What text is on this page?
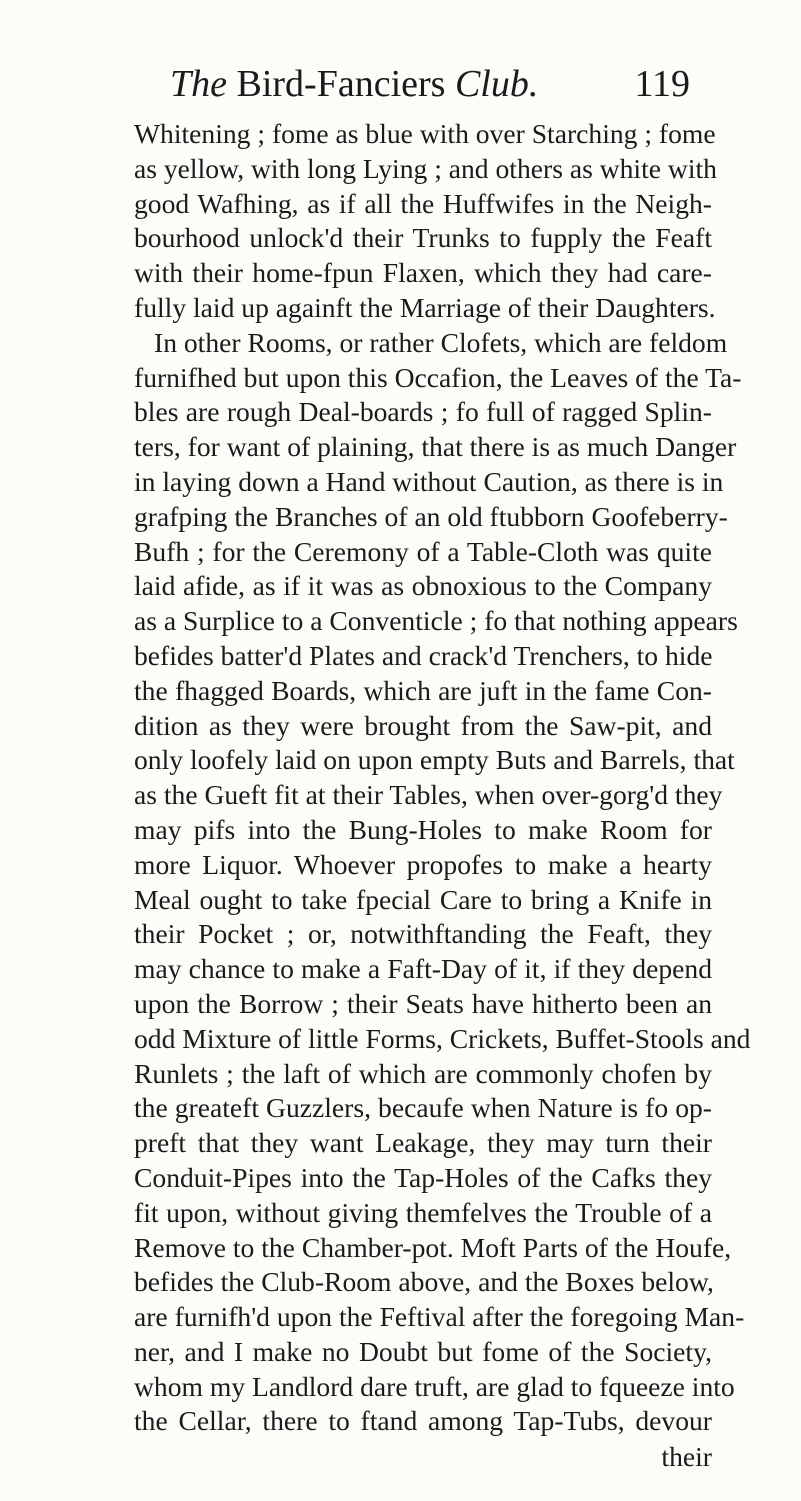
The Bird-Fanciers Club.	119
Whitening ; fome as blue with over Starching ; fome
as yellow, with long Lying ; and others as white with
good Wafhing, as if all the Huffwifes in the Neigh-
bourhood unlock'd their Trunks to fupply the Feaft
with their home-fpun Flaxen, which they had care-
fully laid up againft the Marriage of their Daughters.
In other Rooms, or rather Clofets, which are feldom
furnifhed but upon this Occafion, the Leaves of the Ta-
bles are rough Deal-boards ; fo full of ragged Splin-
ters, for want of plaining, that there is as much Danger
in laying down a Hand without Caution, as there is in
grafping the Branches of an old ftubborn Goofeberry-
Bufh ; for the Ceremony of a Table-Cloth was quite
laid afide, as if it was as obnoxious to the Company
as a Surplice to a Conventicle ; fo that nothing appears
befides batter'd Plates and crack'd Trenchers, to hide
the fhagged Boards, which are juft in the fame Con-
dition as they were brought from the Saw-pit, and
only loofely laid on upon empty Buts and Barrels, that
as the Gueft fit at their Tables, when over-gorg'd they
may pifs into the Bung-Holes to make Room for
more Liquor. Whoever propofes to make a hearty
Meal ought to take fpecial Care to bring a Knife in
their Pocket ; or, notwithftanding the Feaft, they
may chance to make a Faft-Day of it, if they depend
upon the Borrow ; their Seats have hitherto been an
odd Mixture of little Forms, Crickets, Buffet-Stools and
Runlets ; the laft of which are commonly chofen by
the greateft Guzzlers, becaufe when Nature is fo op-
preft that they want Leakage, they may turn their
Conduit-Pipes into the Tap-Holes of the Cafks they
fit upon, without giving themfelves the Trouble of a
Remove to the Chamber-pot. Moft Parts of the Houfe,
befides the Club-Room above, and the Boxes below,
are furnifh'd upon the Feftival after the foregoing Man-
ner, and I make no Doubt but fome of the Society,
whom my Landlord dare truft, are glad to fqueeze into
the Cellar, there to ftand among Tap-Tubs, devour
their
